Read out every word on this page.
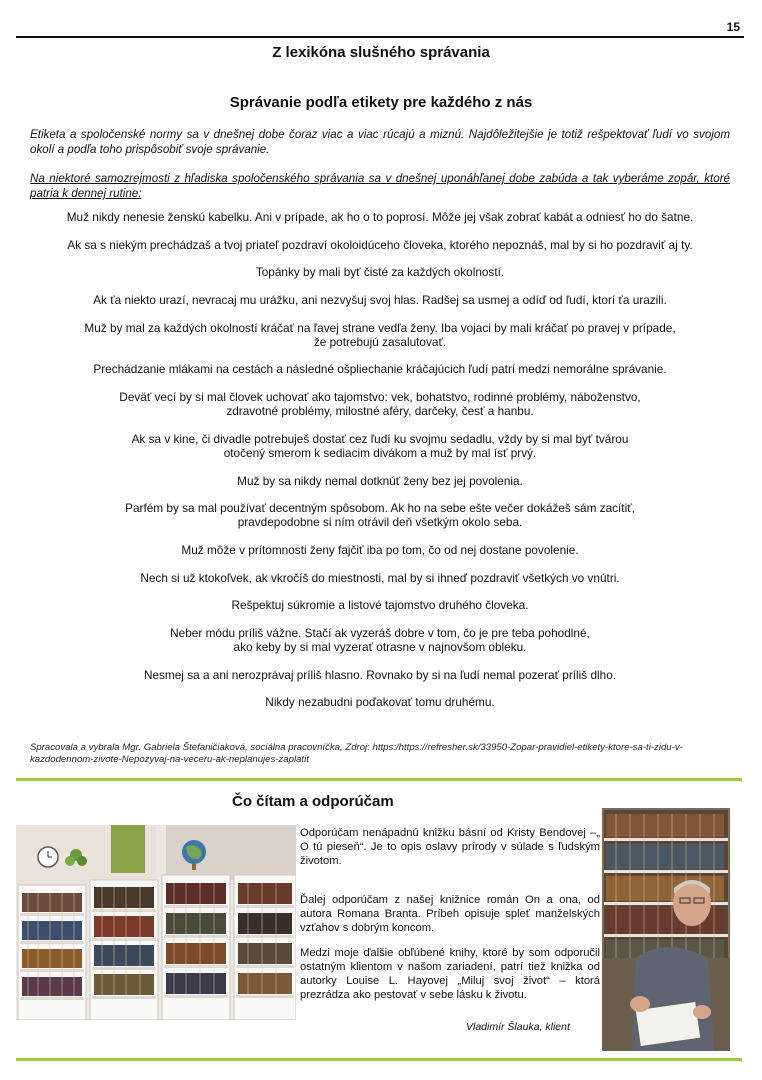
15
Z lexikóna slušného správania
Správanie podľa etikety pre každého z nás
Etiketa a spoločenské normy sa v dnešnej dobe čoraz viac a viac rúcajú a miznú. Najdôležitejšie je totiž rešpektovať ľudí vo svojom okolí a podľa toho prispôsobiť svoje správanie.
Na niektoré samozrejmosti z hľadiska spoločenského správania sa v dnešnej uponáhľanej dobe zabúda a tak vyberáme zopár, ktoré patria k dennej rutine:

Muž nikdy nenesie ženskú kabelku. Ani v prípade, ak ho o to poprosí. Môže jej však zobrať kabát a odniesť ho do šatne.

Ak sa s niekým prechádzaš a tvoj priateľ pozdraví okoloidúceho človeka, ktorého nepoznáš, mal by si ho pozdraviť aj ty.

Topánky by mali byť čisté za každých okolností.

Ak ťa niekto urazí, nevracaj mu urážku, ani nezvyšuj svoj hlas. Radšej sa usmej a odíď od ľudí, ktorí ťa urazili.

Muž by mal za každých okolností kráčať na ľavej strane vedľa ženy. Iba vojaci by mali kráčať po pravej v prípade,
že potrebujú zasalutovať.

Prechádzanie mlákami na cestách a následné ošpliechanie kráčajúcich ľudí patrí medzi nemorálne správanie.

Deväť vecí by si mal človek uchovať ako tajomstvo: vek, bohatstvo, rodinné problémy, náboženstvo,
zdravotné problémy, milostné aféry, darčeky, česť a hanbu.

Ak sa v kine, či divadle potrebuješ dostať cez ľudí ku svojmu sedadlu, vždy by si mal byť tvárou
otočený smerom k sediacim divákom a muž by mal ísť prvý.

Muž by sa nikdy nemal dotknúť ženy bez jej povolenia.

Parfém by sa mal používať decentným spôsobom. Ak ho na sebe ešte večer dokážeš sám zacítiť,
pravdepodobne si ním otrávil deň všetkým okolo seba.

Muž môže v prítomnosti ženy fajčiť iba po tom, čo od nej dostane povolenie.

Nech si už ktokoľvek, ak vkročíš do miestnosti, mal by si ihneď pozdraviť všetkých vo vnútri.

Rešpektuj súkromie a listové tajomstvo druhého človeka.

Neber módu príliš vážne. Stačí ak vyzeráš dobre v tom, čo je pre teba pohodlné,
ako keby by si mal vyzerať otrasne v najnovšom obleku.

Nesmej sa a ani nerozprávaj príliš hlasno. Rovnako by si na ľudí nemal pozerať príliš dlho.

Nikdy nezabudni poďakovať tomu druhému.

Spracovala a vybrala Mgr. Gabriela Štefaničiaková, sociálna pracovníčka, Zdroj: https:/https://refresher.sk/33950-Zopar-pravidiel-etikety-ktore-sa-ti-zidu-v-kazdodennom-zivote-Nepozyvaj-na-veceru-ak-neplanujes-zaplatit
Čo čítam a odporúčam
Odporúčam nenápadnú knižku básní od Kristy Bendovej –„ O tú pieseň“. Je to opis oslavy prírody v súlade s ľudským životom.
Ďalej odporúčam z našej knižnice román On a ona, od autora Romana Branta. Príbeh opisuje spleť manželských vzťahov s dobrým koncom.
Medzi moje ďalšie obľúbené knihy, ktoré by som odporučil ostatným klientom v našom zariadení, patrí tiež knižka od autorky Louise L. Hayovej „Miluj svoj život“ – ktorá prezrádza ako pestovať v sebe lásku k životu.
Vladimír Šlauka, klient
